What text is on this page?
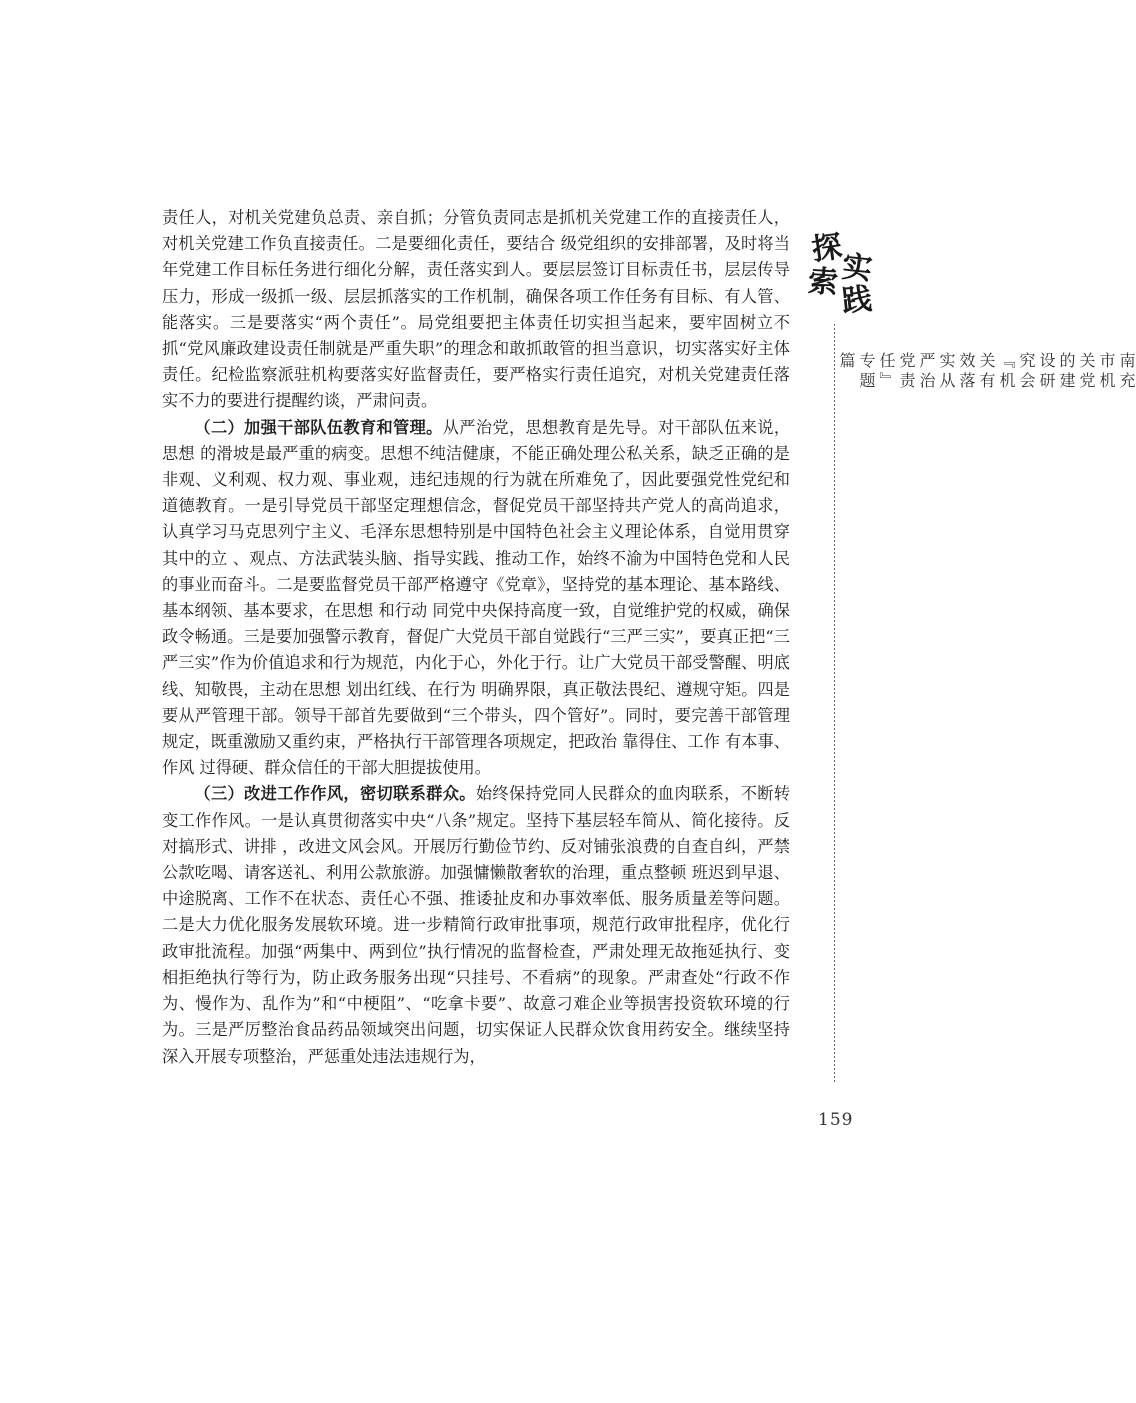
责任人，对机关党建负总责、亲自抓；分管负责同志是抓机关党建工作的直接责任人，对机关党建工作负直接责任。二是要细化责任，要结合 级党组织的安排部署，及时将当年党建工作目标任务进行细化分解，责任落实到人。要层层签订目标责任书，层层传导压力，形成一级抓一级、层层抓落实的工作机制，确保各项工作任务有目标、有人管、能落实。三是要落实“两个责任”。局党组要把主体责任切实担当起来，要牢固树立不抓“党风廉政建设责任制就是严重失职”的理念和敢抓敢管的担当意识，切实落实好主体责任。纪检监察派驻机构要落实好监督责任，要严格实行责任追究，对机关党建责任落实不力的要进行提醒约谈，严肃问责。

（二）加强干部队伍教育和管理。从严治党，思想教育是先导。对干部队伍来说，思想 的滑坡是最严重的病变。思想不纯洁健康，不能正确处理公私关系，缺乏正确的是非观、义利观、权力观、事业观，违纪违规的行为就在所难免了，因此要强党性党纪和道德教育。一是引导党员干部坚定理想信念，督促党员干部坚持共产党人的高尚追求，认真学习马克思列宁主义、毛泽东思想特别是中国特色社会主义理论体系，自觉用贯穿其中的立 、观点、方法武装头脑、指导实践、推动工作，始终不渝为中国特色党和人民的事业而奋斗。二是要监督党员干部严格遵守《党章》，坚持党的基本理论、基本路线、基本纲领、基本要求，在思想 和行动 同党中央保持高度一致，自觉维护党的权威，确保政令畅通。三是要加强警示教育，督促广大党员干部自觉践行“三严三实”，要真正把“三严三实”作为价值追求和行为规范，内化于心，外化于行。让广大党员干部受警醒、明底线、知敬畏，主动在思想 划出红线、在行为 明确界限，真正敬法畏纪、遵规守矩。四是要从严管理干部。领导干部首先要做到“三个带头，四个管好”。同时，要完善干部管理规定，既重激励又重约束，严格执行干部管理各项规定，把政治 靠得住、工作 有本事、作风 过得硬、群众信任的干部大胆提拔使用。

（三）改进工作作风，密切联系群众。始终保持党同人民群众的血肉联系，不断转变工作作风。一是认真贯彻落实中央“八条”规定。坚持下基层轻车简从、简化接待。反对搞形式、讲排 ，改进文风会风。开展厉行勤俭节约、反对铺张浪费的自查自纠，严禁公款吃喝、请客送礼、利用公款旅游。加强慵懒散奢软的治理，重点整顿 班迟到早退、中途脱离、工作不在状态、责任心不强、推诿扯皮和办事效率低、服务质量差等问题。二是大力优化服务发展软环境。进一步精简行政审批事项，规范行政审批程序，优化行政审批流程。加强“两集中、两到位”执行情况的监督检查，严肃处理无故拖延执行、变相拒绝执行等行为，防止政务服务出现“只挂号、不看病”的现象。严肃查处“行政不作为、慢作为、乱作为”和“中梗阻”、“吃拿卡要”、故意刁难企业等损害投资软环境的行为。三是严厉整治食品药品领域突出问题，切实保证人民群众饮食用药安全。继续坚持深入开展专项整治，严惩重处违法违规行为，

探
实
索 践
南充市机关党的建设研究会『机关有效落实从严治党责任』专题篇
159
